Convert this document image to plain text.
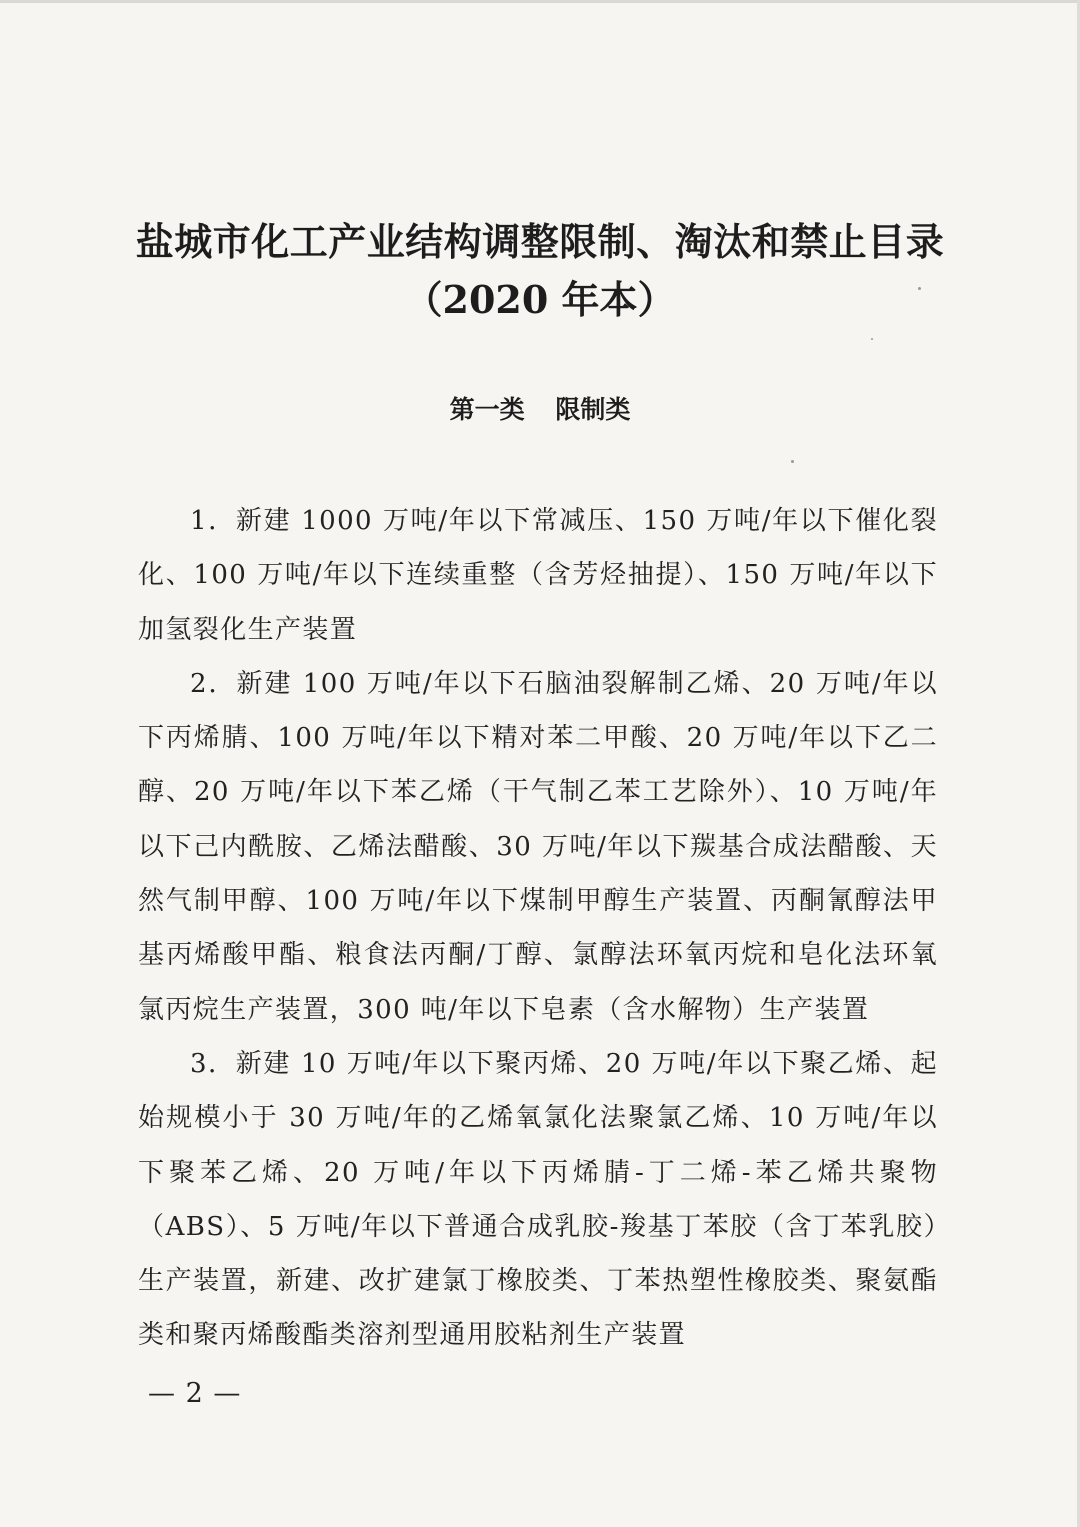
盐城市化工产业结构调整限制、淘汰和禁止目录
（2020 年本）
第一类 限制类

1．新建 1000 万吨/年以下常减压、150 万吨/年以下催化裂化、100 万吨/年以下连续重整（含芳烃抽提）、150 万吨/年以下加氢裂化生产装置

2．新建 100 万吨/年以下石脑油裂解制乙烯、20 万吨/年以下丙烯腈、100 万吨/年以下精对苯二甲酸、20 万吨/年以下乙二醇、20 万吨/年以下苯乙烯（干气制乙苯工艺除外）、10 万吨/年以下己内酰胺、乙烯法醋酸、30 万吨/年以下羰基合成法醋酸、天然气制甲醇、100 万吨/年以下煤制甲醇生产装置、丙酮氰醇法甲基丙烯酸甲酯、粮食法丙酮/丁醇、氯醇法环氧丙烷和皂化法环氧氯丙烷生产装置，300 吨/年以下皂素（含水解物）生产装置

3．新建 10 万吨/年以下聚丙烯、20 万吨/年以下聚乙烯、起始规模小于 30 万吨/年的乙烯氧氯化法聚氯乙烯、10 万吨/年以下聚苯乙烯、20 万吨/年以下丙烯腈-丁二烯-苯乙烯共聚物（ABS）、5 万吨/年以下普通合成乳胶-羧基丁苯胶（含丁苯乳胶）生产装置，新建、改扩建氯丁橡胶类、丁苯热塑性橡胶类、聚氨酯类和聚丙烯酸酯类溶剂型通用胶粘剂生产装置

— 2 —
